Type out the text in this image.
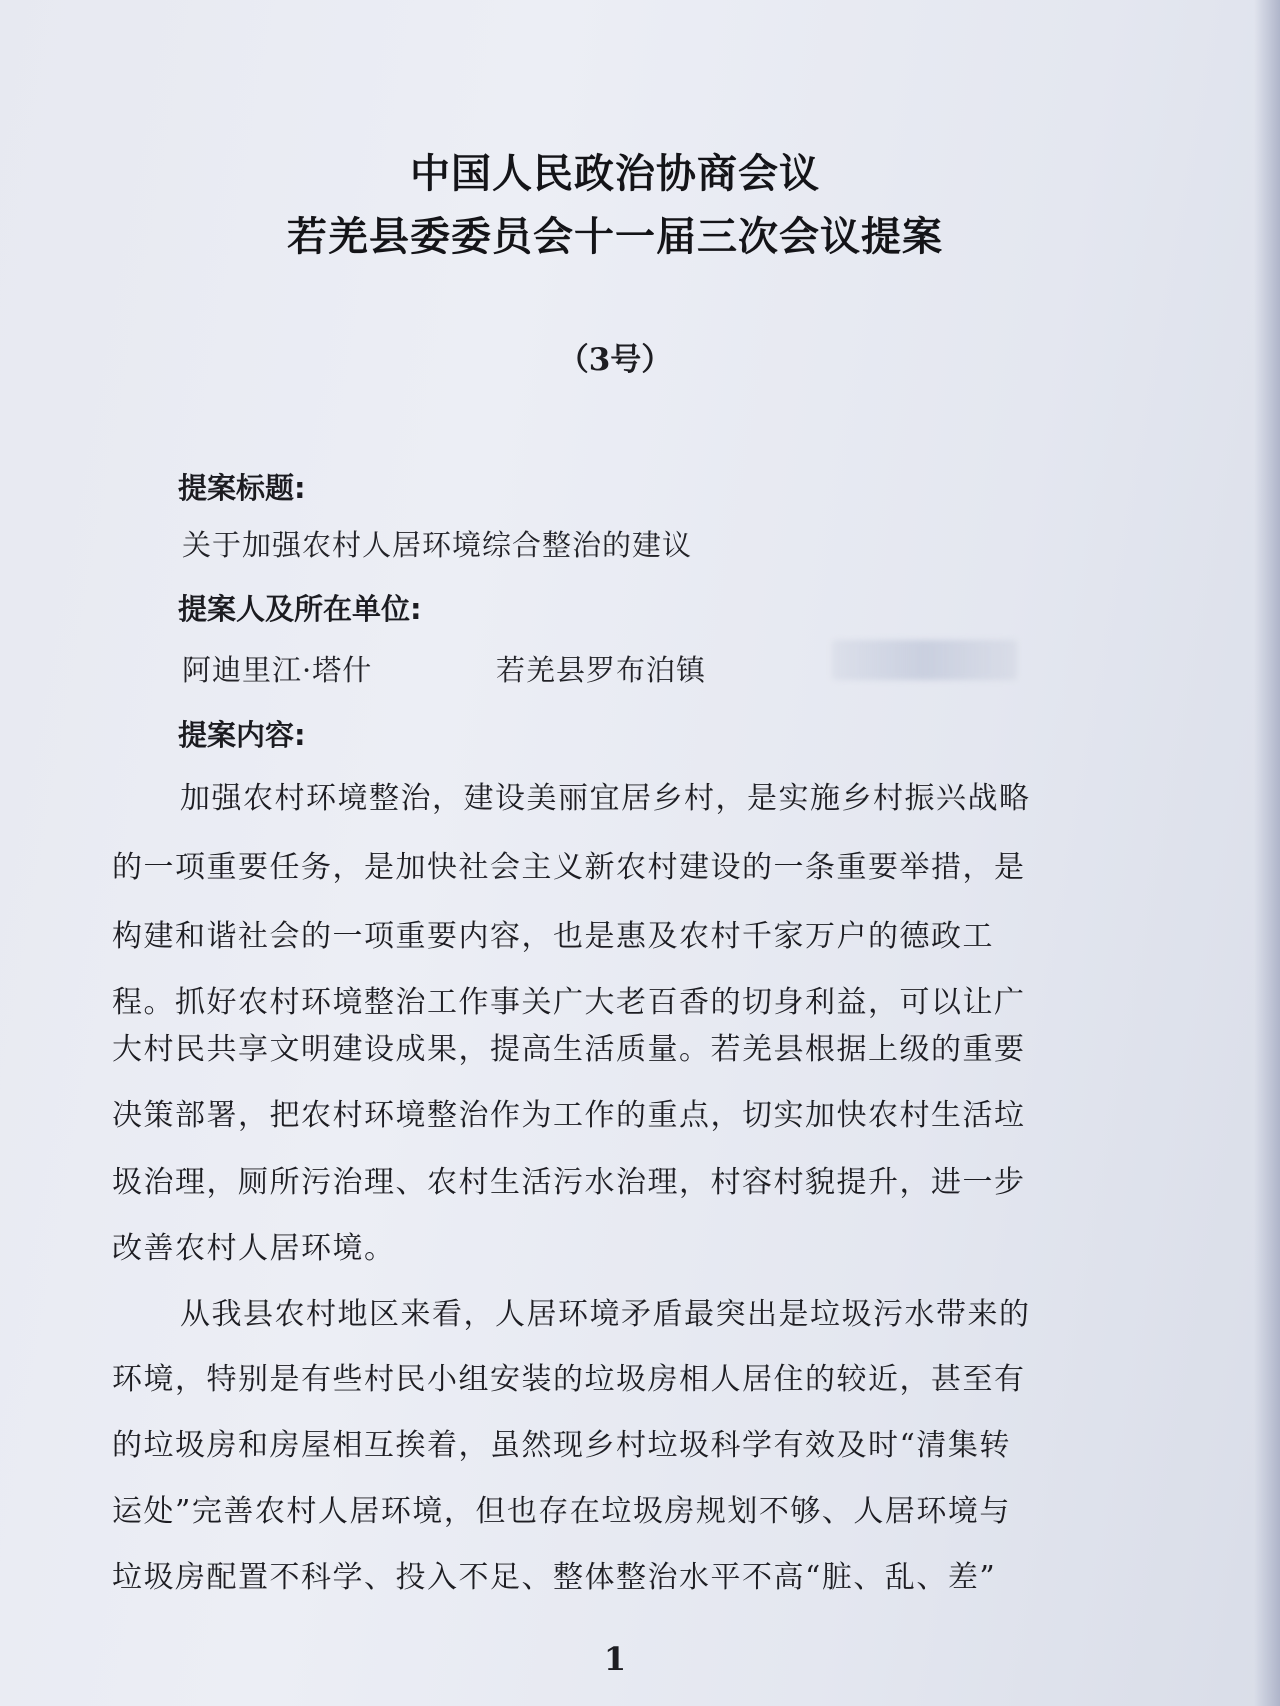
中国人民政治协商会议
若羌县委委员会十一届三次会议提案
（3号）
提案标题:
关于加强农村人居环境综合整治的建议
提案人及所在单位:
阿迪里江·塔什	若羌县罗布泊镇
提案内容:
加强农村环境整治，建设美丽宜居乡村，是实施乡村振兴战略
的一项重要任务，是加快社会主义新农村建设的一条重要举措，是
构建和谐社会的一项重要内容，也是惠及农村千家万户的德政工
程。抓好农村环境整治工作事关广大老百香的切身利益，可以让广
大村民共享文明建设成果，提高生活质量。若羌县根据上级的重要
决策部署，把农村环境整治作为工作的重点，切实加快农村生活垃
圾治理，厕所污治理、农村生活污水治理，村容村貌提升，进一步
改善农村人居环境。
从我县农村地区来看，人居环境矛盾最突出是垃圾污水带来的
环境，特别是有些村民小组安装的垃圾房相人居住的较近，甚至有
的垃圾房和房屋相互挨着，虽然现乡村垃圾科学有效及时“清集转
运处”完善农村人居环境，但也存在垃圾房规划不够、人居环境与
垃圾房配置不科学、投入不足、整体整治水平不高“脏、乱、差”
1
